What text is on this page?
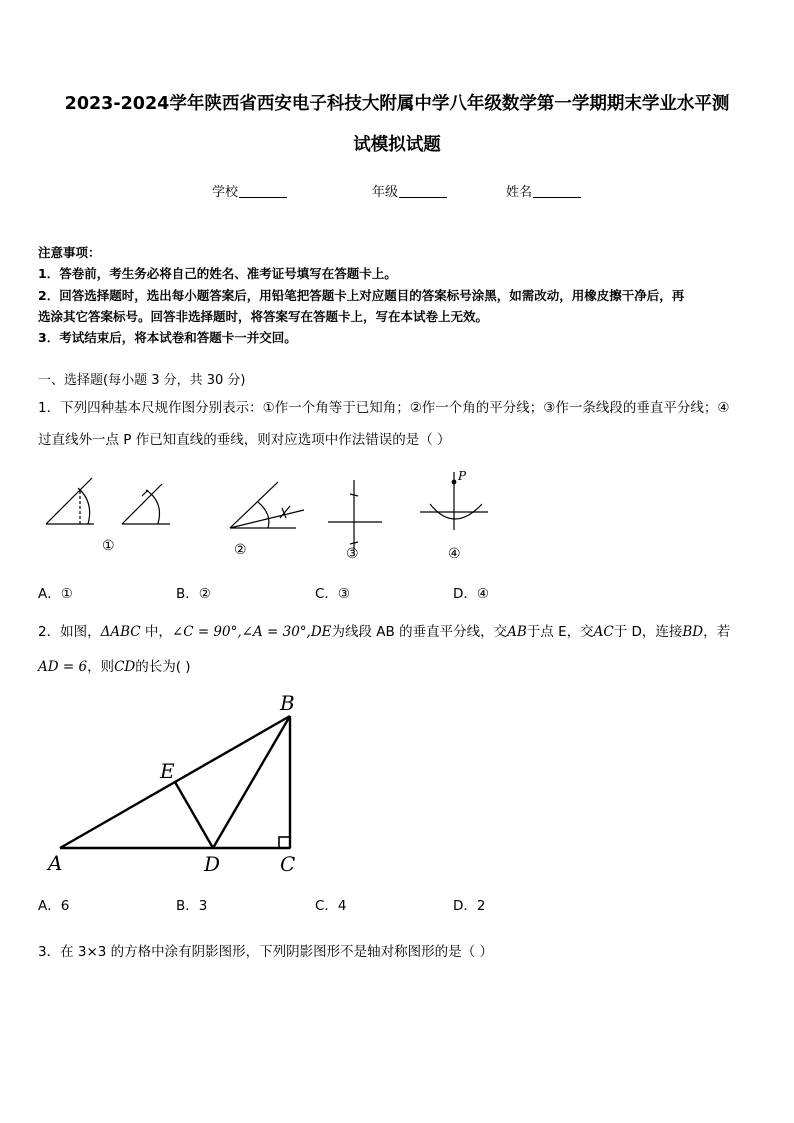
2023-2024学年陕西省西安电子科技大附属中学八年级数学第一学期期末学业水平测
试模拟试题
学校	年级	姓名
注意事项：
1．答卷前，考生务必将自己的姓名、准考证号填写在答题卡上。
2．回答选择题时，选出每小题答案后，用铅笔把答题卡上对应题目的答案标号涂黑，如需改动，用橡皮擦干净后，再
选涂其它答案标号。回答非选择题时，将答案写在答题卡上，写在本试卷上无效。
3．考试结束后，将本试卷和答题卡一并交回。
一、选择题(每小题 3 分，共 30 分)
1．下列四种基本尺规作图分别表示：①作一个角等于已知角；②作一个角的平分线；③作一条线段的垂直平分线；④
过直线外一点 P 作已知直线的垂线，则对应选项中作法错误的是（ ）
①	②	③
P
④
A．①	B．②	C．③	D．④
2．如图，ΔABC 中，∠C = 90°,∠A = 30°,DE为线段 AB 的垂直平分线，交AB于点 E，交AC于 D，连接BD，若
AD = 6，则CD的长为( )
A
B
C
D
E
A．6	B．3	C．4	D．2
3．在 3×3 的方格中涂有阴影图形，下列阴影图形不是轴对称图形的是（ ）
